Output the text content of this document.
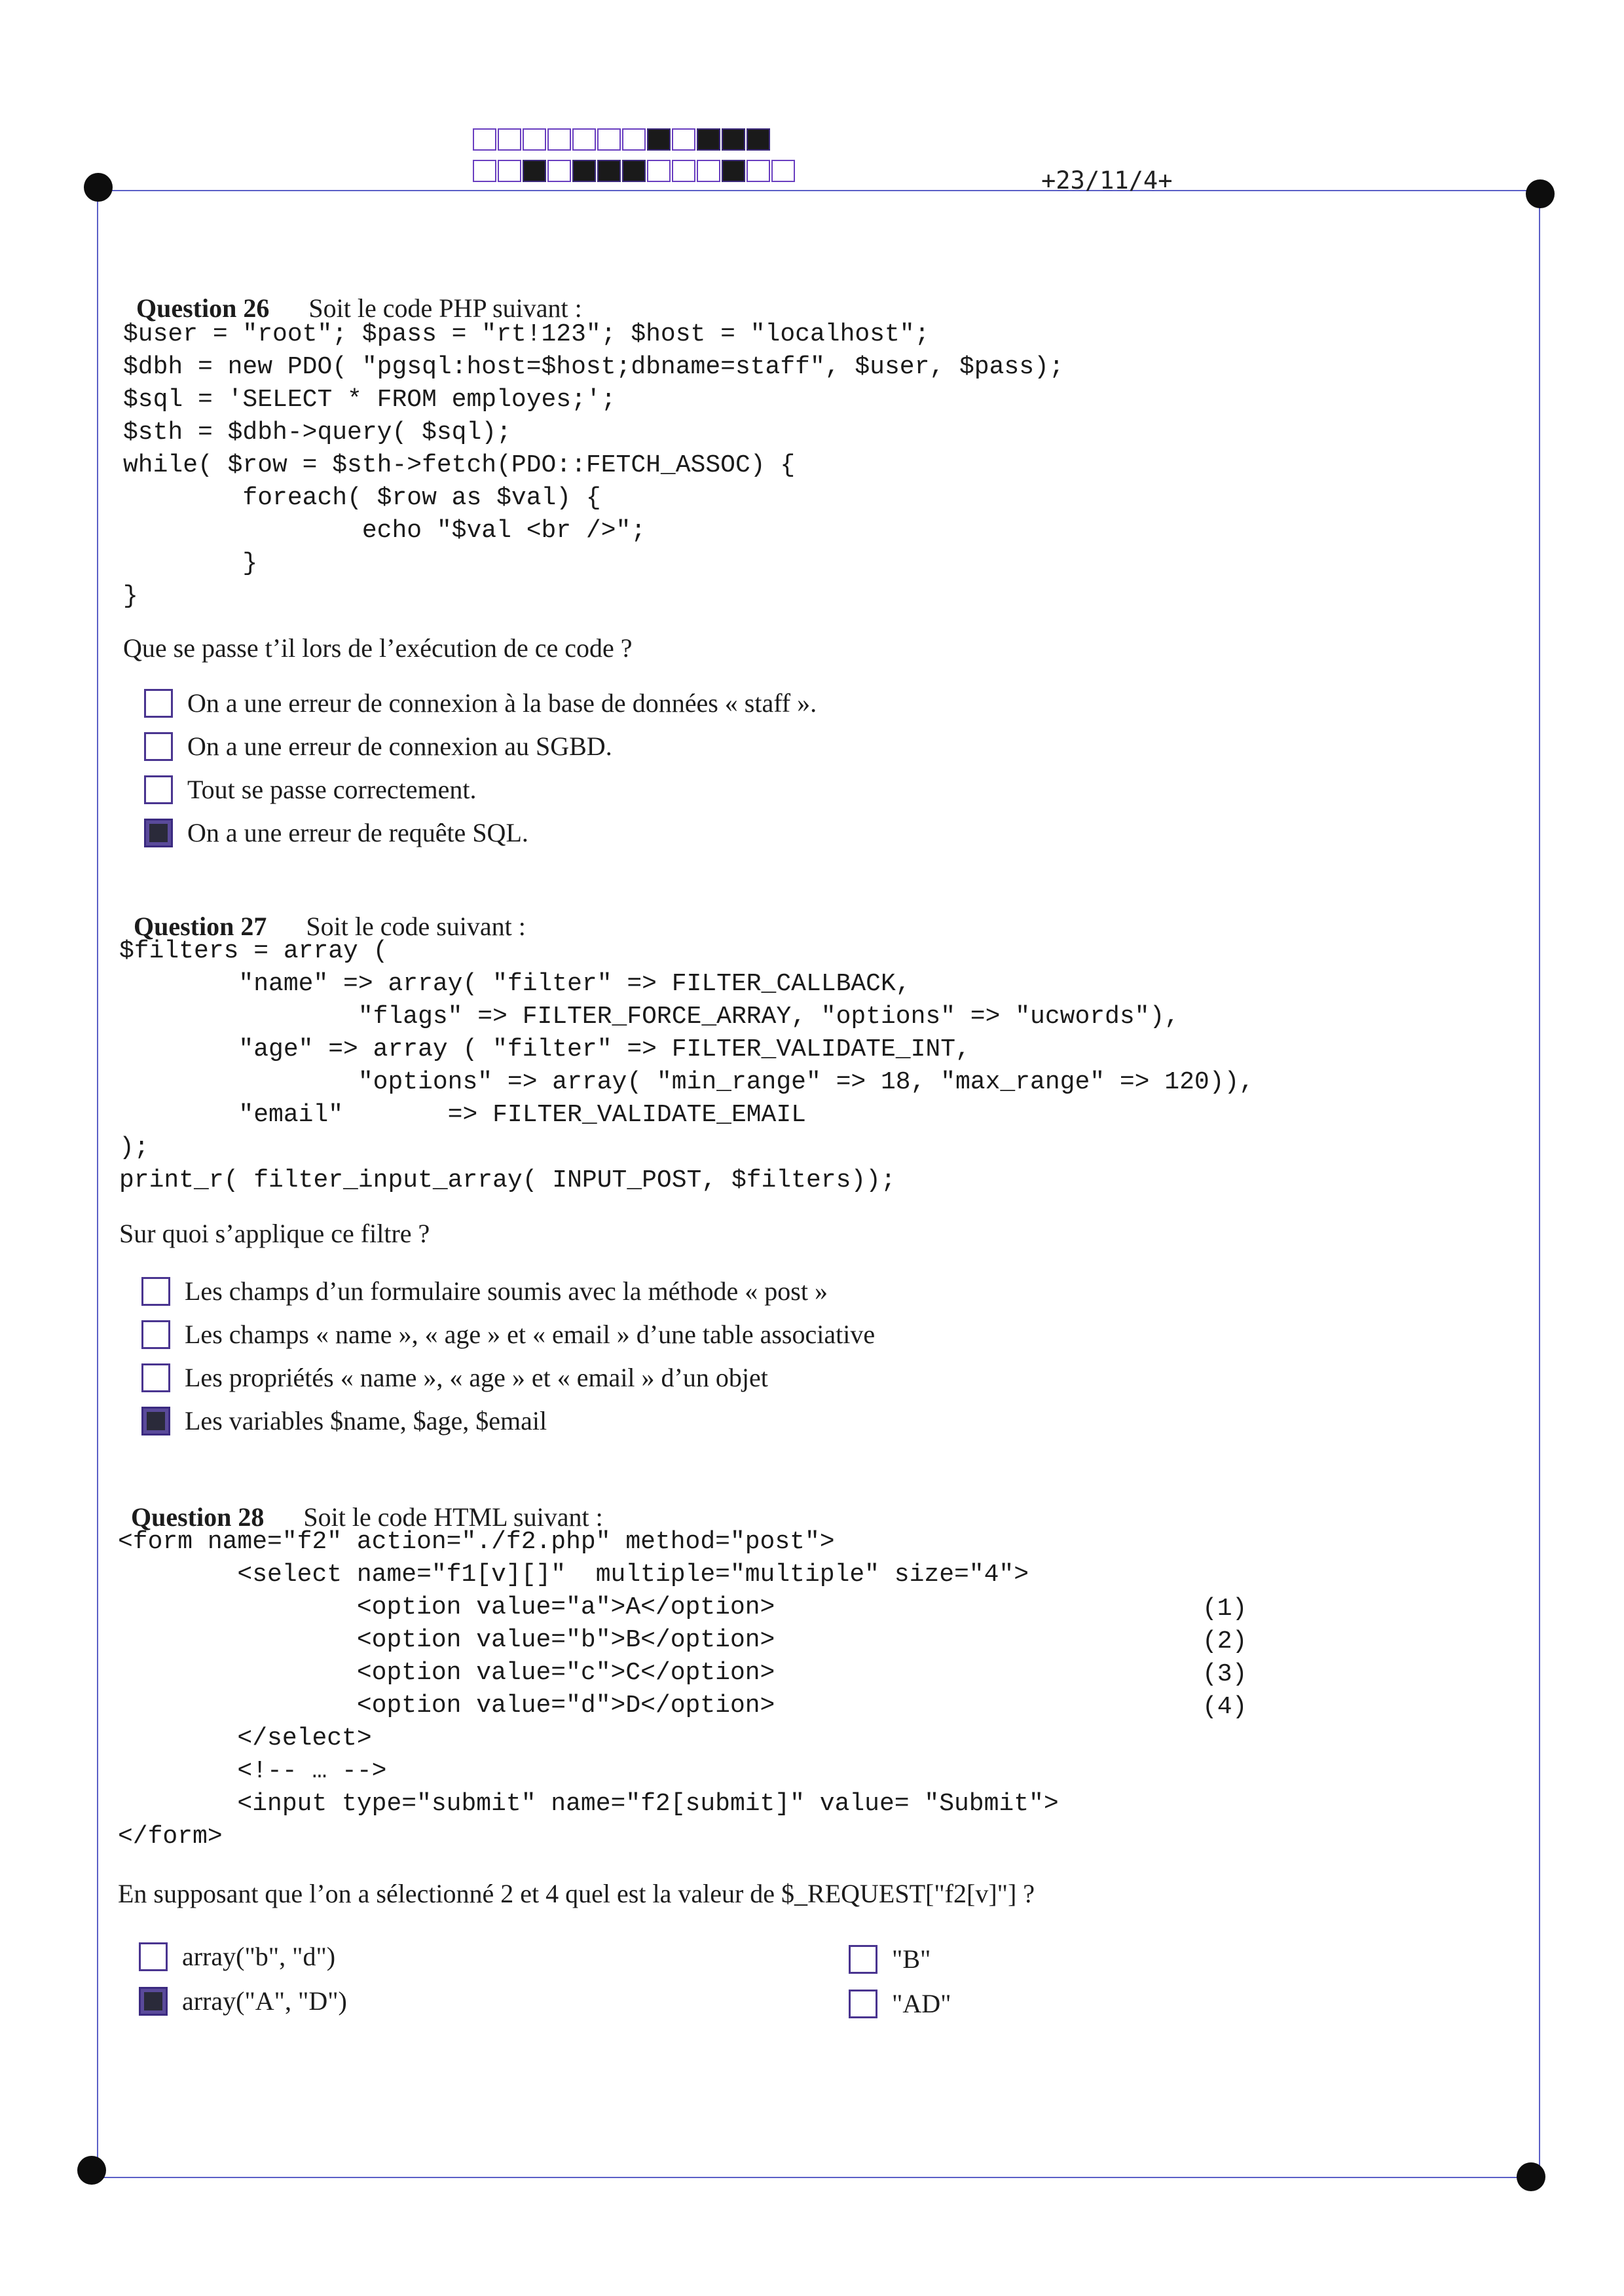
+23/11/4+

Question 26 Soit le code PHP suivant :

$user = "root"; $pass = "rt!123"; $host = "localhost";
$dbh = new PDO( "pgsql:host=$host;dbname=staff", $user, $pass);
$sql = 'SELECT * FROM employes;';
$sth = $dbh->query( $sql);
while( $row = $sth->fetch(PDO::FETCH_ASSOC) {
foreach( $row as $val) {
echo "$val <br />";
}
}
Que se passe t’il lors de l’exécution de ce code ?
On a une erreur de connexion à la base de données « staff ».
On a une erreur de connexion au SGBD.
Tout se passe correctement.
On a une erreur de requête SQL.

Question 27 Soit le code suivant :

$filters = array (
"name" => array( "filter" => FILTER_CALLBACK,
"flags" => FILTER_FORCE_ARRAY, "options" => "ucwords"),
"age" => array ( "filter" => FILTER_VALIDATE_INT,
"options" => array( "min_range" => 18, "max_range" => 120)),
"email"       => FILTER_VALIDATE_EMAIL
);
print_r( filter_input_array( INPUT_POST, $filters));
Sur quoi s’applique ce filtre ?
Les champs d’un formulaire soumis avec la méthode « post »
Les champs « name », « age » et « email » d’une table associative
Les propriétés « name », « age » et « email » d’un objet
Les variables $name, $age, $email

Question 28 Soit le code HTML suivant :

<form name="f2" action="./f2.php" method="post">
<select name="f1[v][]"  multiple="multiple" size="4">
<option value="a">A</option>
<option value="b">B</option>
<option value="c">C</option>
<option value="d">D</option>
</select>
<!-- … -->
<input type="submit" name="f2[submit]" value= "Submit">
</form>
(1)
(2)
(3)
(4)
En supposant que l’on a sélectionné 2 et 4 quel est la valeur de $_REQUEST["f2[v]"] ?
array("b", "d")	"B"
array("A", "D")	"AD"
